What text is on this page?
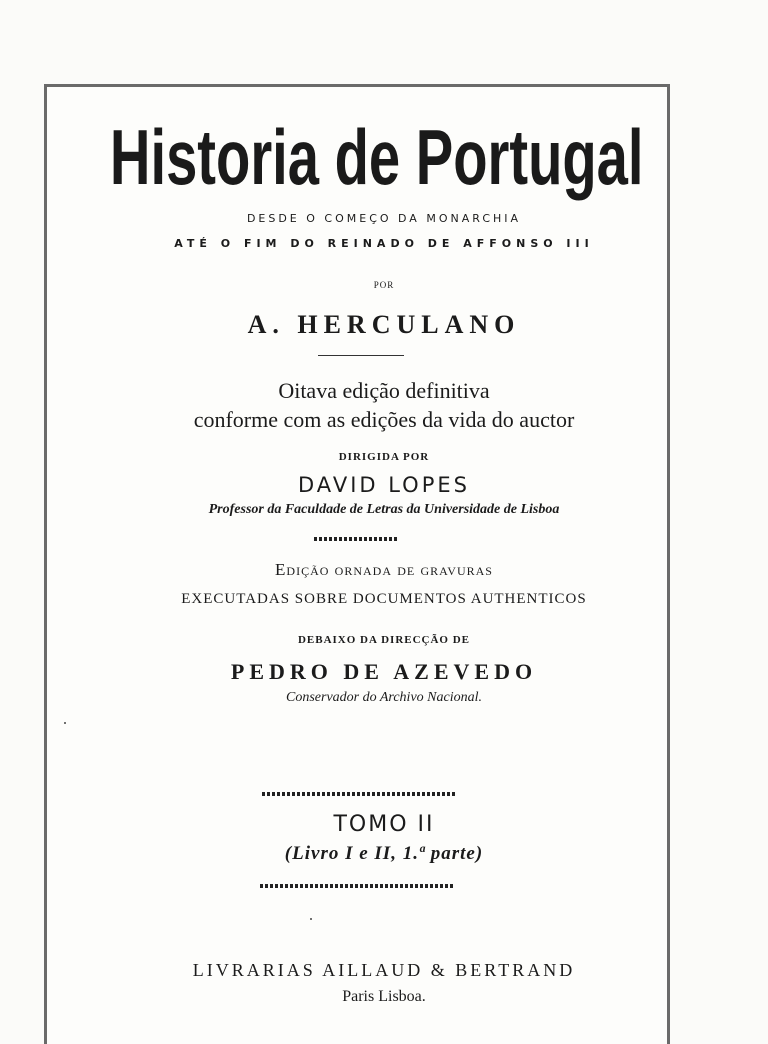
Historia de Portugal
DESDE O COMEÇO DA MONARCHIA
ATÉ O FIM DO REINADO DE AFFONSO III
POR
A. HERCULANO
Oitava edição definitiva
conforme com as edições da vida do auctor
DIRIGIDA POR
DAVID LOPES
Professor da Faculdade de Letras da Universidade de Lisboa
Edição ornada de gravuras
EXECUTADAS SOBRE DOCUMENTOS AUTHENTICOS
DEBAIXO DA DIRECÇÃO DE
PEDRO DE AZEVEDO
Conservador do Archivo Nacional.
TOMO II
(Livro I e II, 1.ª parte)
LIVRARIAS AILLAUD & BERTRAND
Paris Lisboa.
